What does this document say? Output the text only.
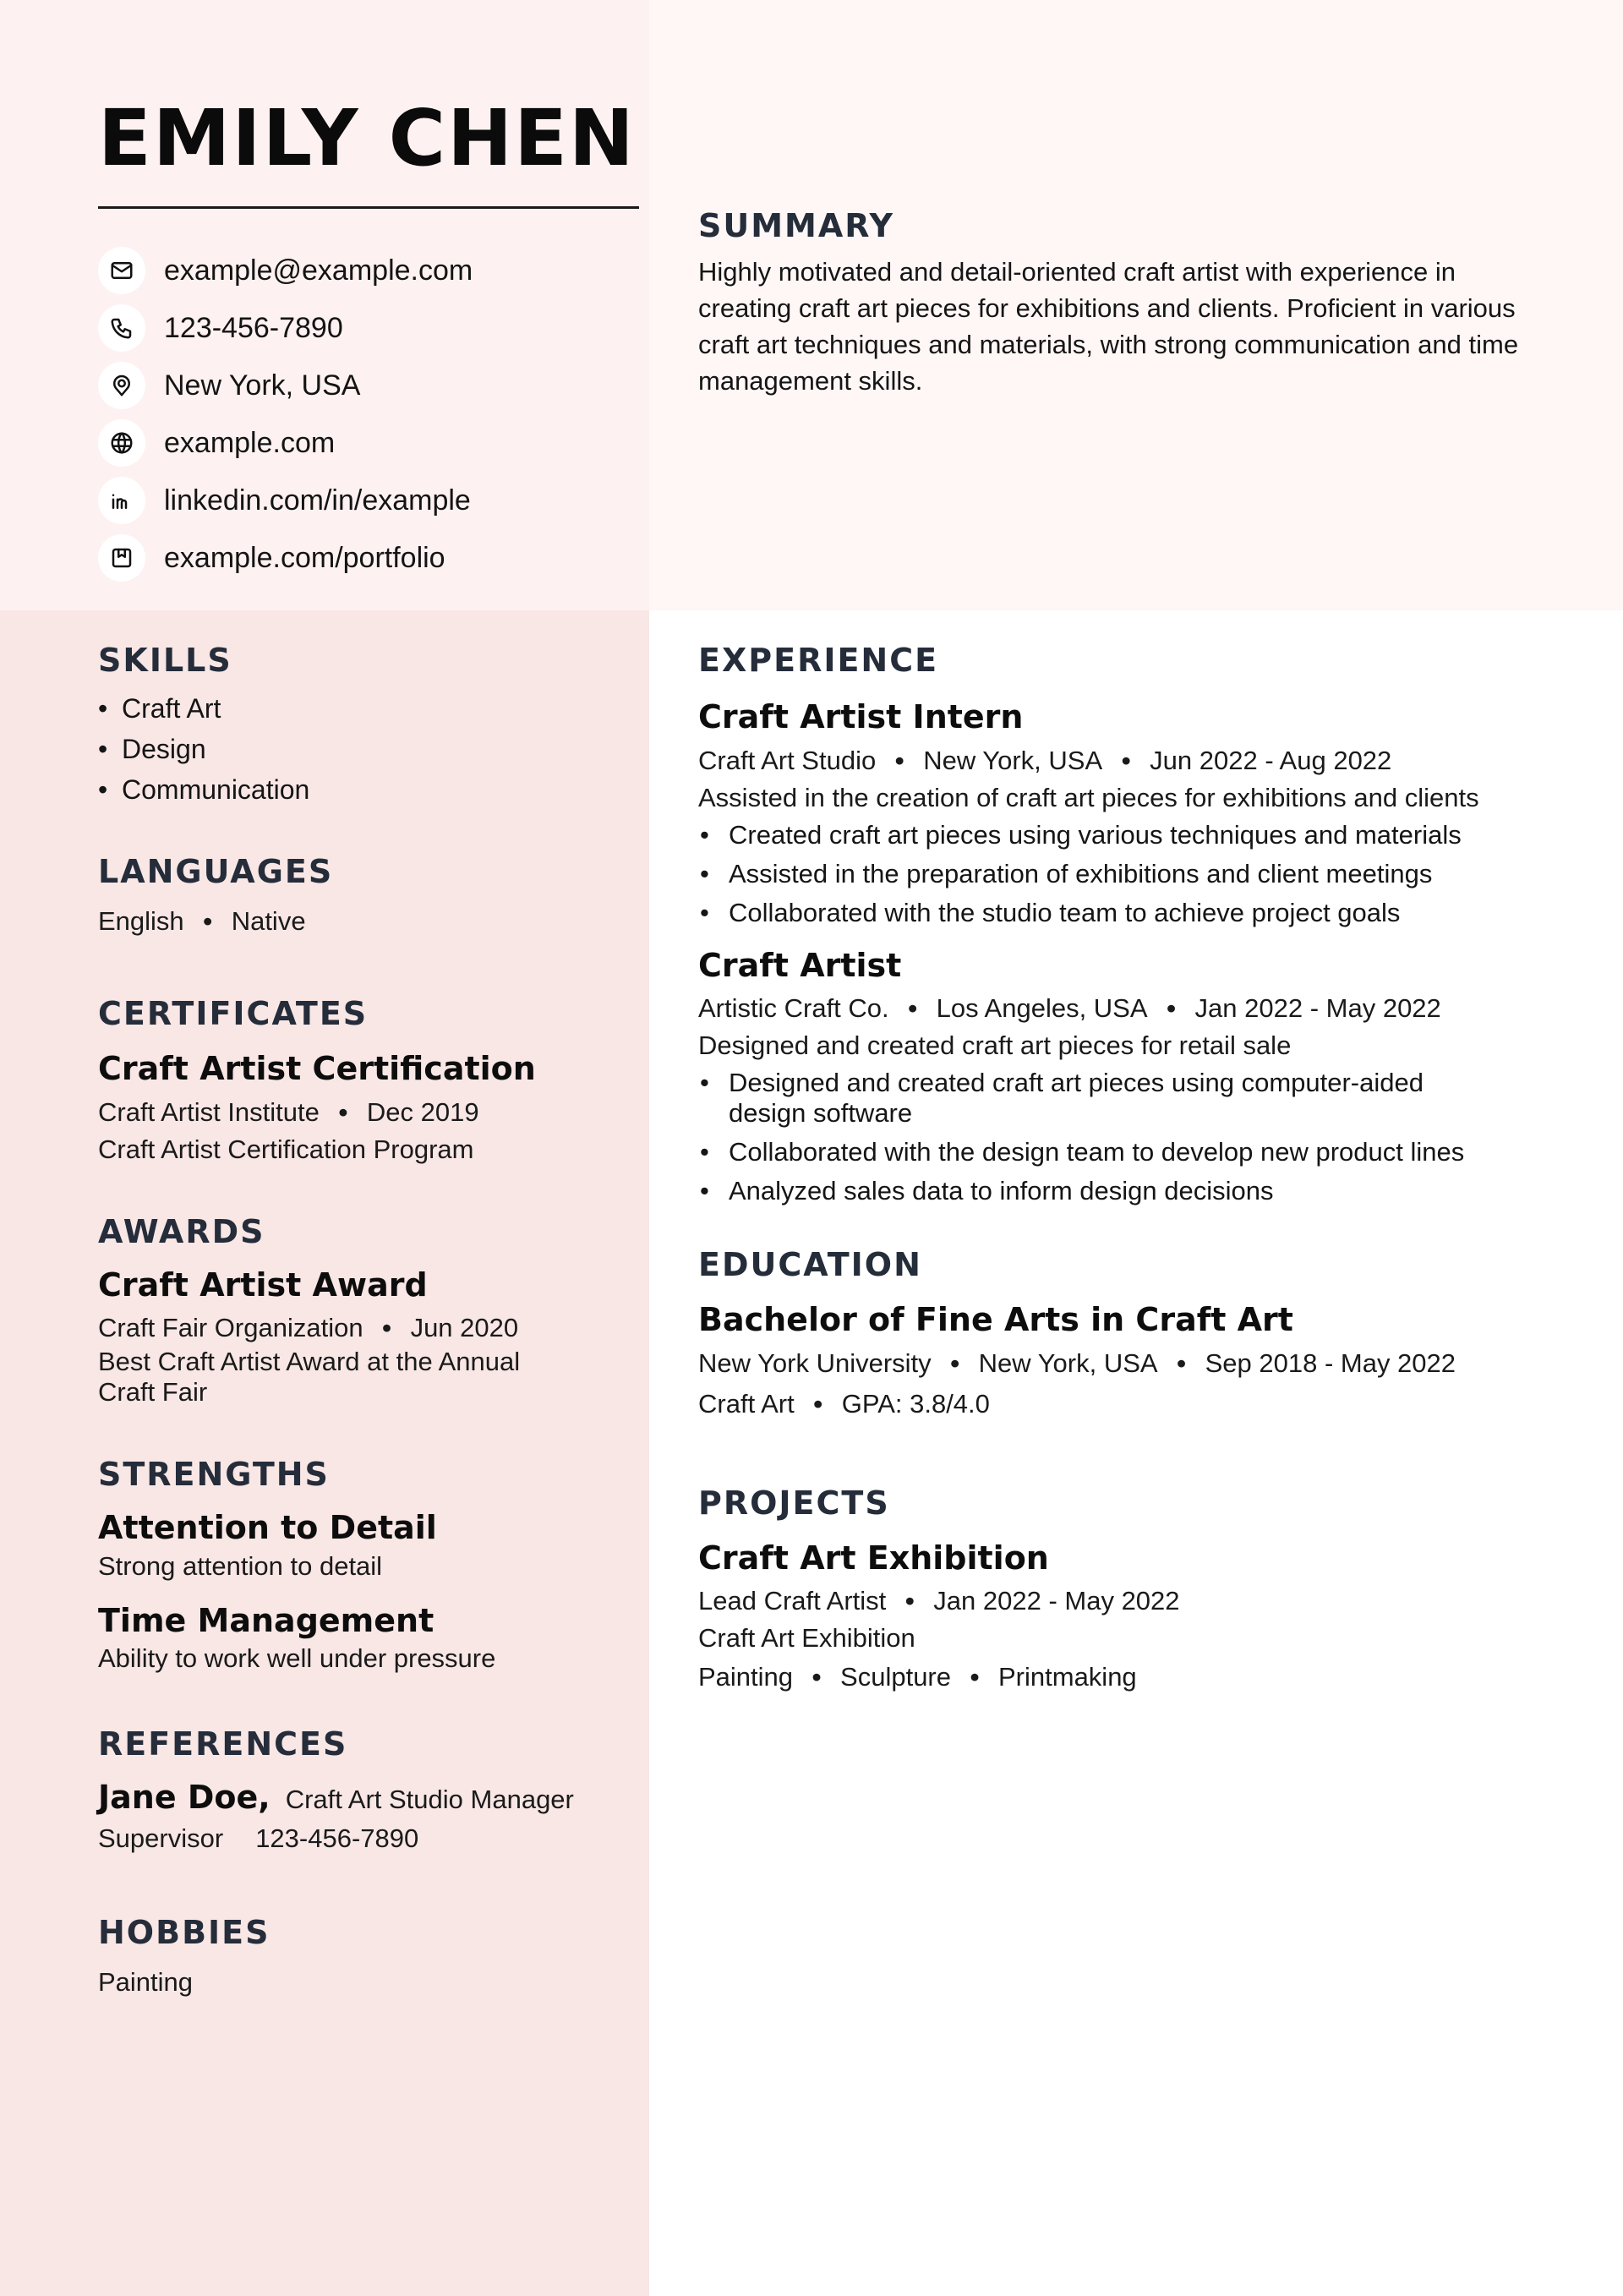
EMILY CHEN
example@example.com
123-456-7890
New York, USA
example.com
linkedin.com/in/example
example.com/portfolio
SUMMARY
Highly motivated and detail-oriented craft artist with experience in creating craft art pieces for exhibitions and clients. Proficient in various craft art techniques and materials, with strong communication and time management skills.
SKILLS
• Craft Art
• Design
• Communication
LANGUAGES
English • Native
CERTIFICATES
Craft Artist Certification
Craft Artist Institute • Dec 2019
Craft Artist Certification Program
AWARDS
Craft Artist Award
Craft Fair Organization • Jun 2020
Best Craft Artist Award at the Annual Craft Fair
STRENGTHS
Attention to Detail
Strong attention to detail
Time Management
Ability to work well under pressure
REFERENCES
Jane Doe, Craft Art Studio Manager
Supervisor 123-456-7890
HOBBIES
Painting
EXPERIENCE
Craft Artist Intern
Craft Art Studio • New York, USA • Jun 2022 - Aug 2022
Assisted in the creation of craft art pieces for exhibitions and clients
• Created craft art pieces using various techniques and materials
• Assisted in the preparation of exhibitions and client meetings
• Collaborated with the studio team to achieve project goals
Craft Artist
Artistic Craft Co. • Los Angeles, USA • Jan 2022 - May 2022
Designed and created craft art pieces for retail sale
• Designed and created craft art pieces using computer-aided design software
• Collaborated with the design team to develop new product lines
• Analyzed sales data to inform design decisions
EDUCATION
Bachelor of Fine Arts in Craft Art
New York University • New York, USA • Sep 2018 - May 2022
Craft Art • GPA: 3.8/4.0
PROJECTS
Craft Art Exhibition
Lead Craft Artist • Jan 2022 - May 2022
Craft Art Exhibition
Painting • Sculpture • Printmaking
